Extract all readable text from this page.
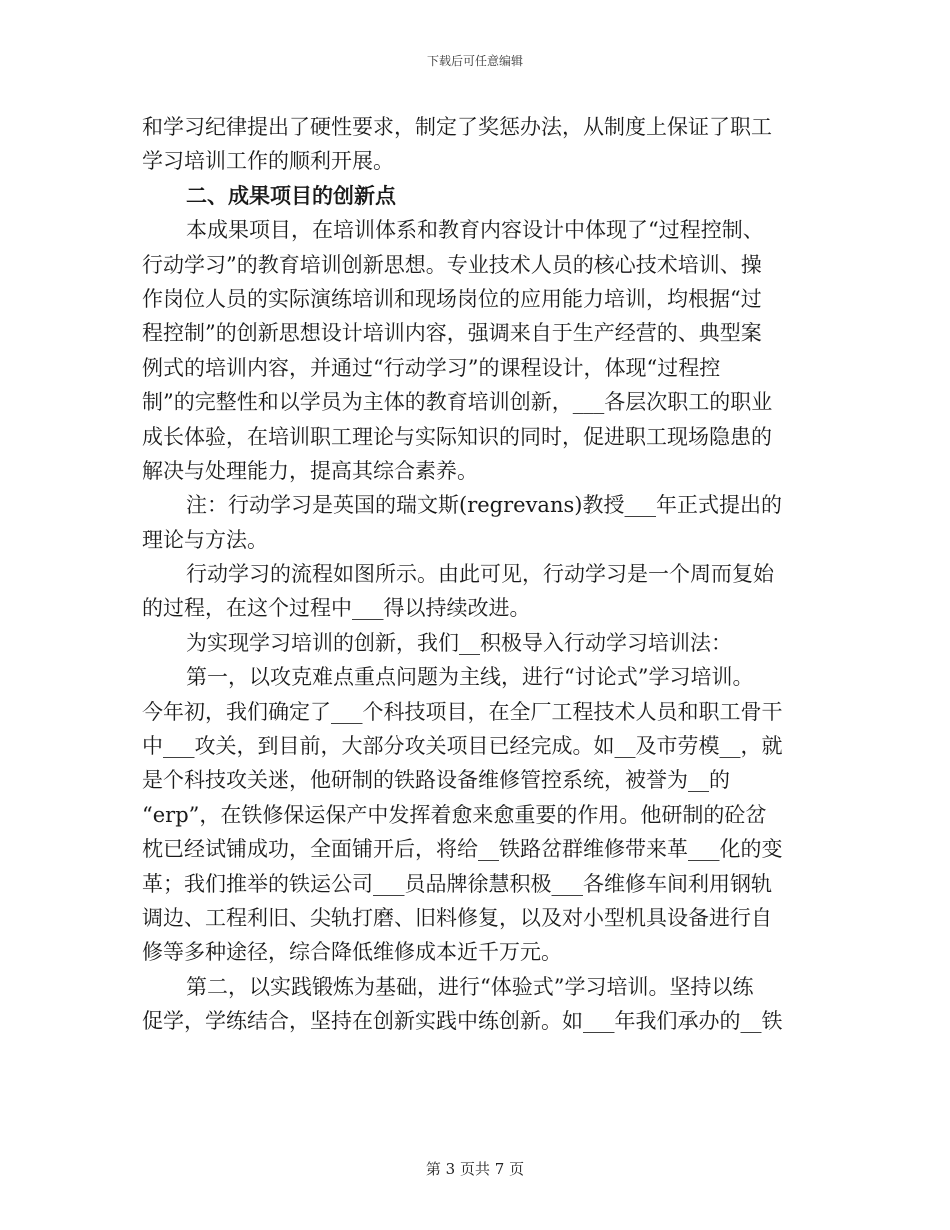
下载后可任意编辑
和学习纪律提出了硬性要求，制定了奖惩办法，从制度上保证了职工
学习培训工作的顺利开展。
二、成果项目的创新点
本成果项目，在培训体系和教育内容设计中体现了“过程控制、
行动学习”的教育培训创新思想。专业技术人员的核心技术培训、操
作岗位人员的实际演练培训和现场岗位的应用能力培训，均根据“过
程控制”的创新思想设计培训内容，强调来自于生产经营的、典型案
例式的培训内容，并通过“行动学习”的课程设计，体现“过程控
制”的完整性和以学员为主体的教育培训创新，___各层次职工的职业
成长体验，在培训职工理论与实际知识的同时，促进职工现场隐患的
解决与处理能力，提高其综合素养。
注：行动学习是英国的瑞文斯(regrevans)教授___年正式提出的
理论与方法。
行动学习的流程如图所示。由此可见，行动学习是一个周而复始
的过程，在这个过程中___得以持续改进。
为实现学习培训的创新，我们__积极导入行动学习培训法：
第一，以攻克难点重点问题为主线，进行“讨论式”学习培训。
今年初，我们确定了___个科技项目，在全厂工程技术人员和职工骨干
中___攻关，到目前，大部分攻关项目已经完成。如__及市劳模__，就
是个科技攻关迷，他研制的铁路设备维修管控系统，被誉为__的
“erp”，在铁修保运保产中发挥着愈来愈重要的作用。他研制的砼岔
枕已经试铺成功，全面铺开后，将给__铁路岔群维修带来革___化的变
革；我们推举的铁运公司___员品牌徐慧积极___各维修车间利用钢轨
调边、工程利旧、尖轨打磨、旧料修复，以及对小型机具设备进行自
修等多种途径，综合降低维修成本近千万元。
第二，以实践锻炼为基础，进行“体验式”学习培训。坚持以练
促学，学练结合，坚持在创新实践中练创新。如___年我们承办的__铁
第 3 页共 7 页
